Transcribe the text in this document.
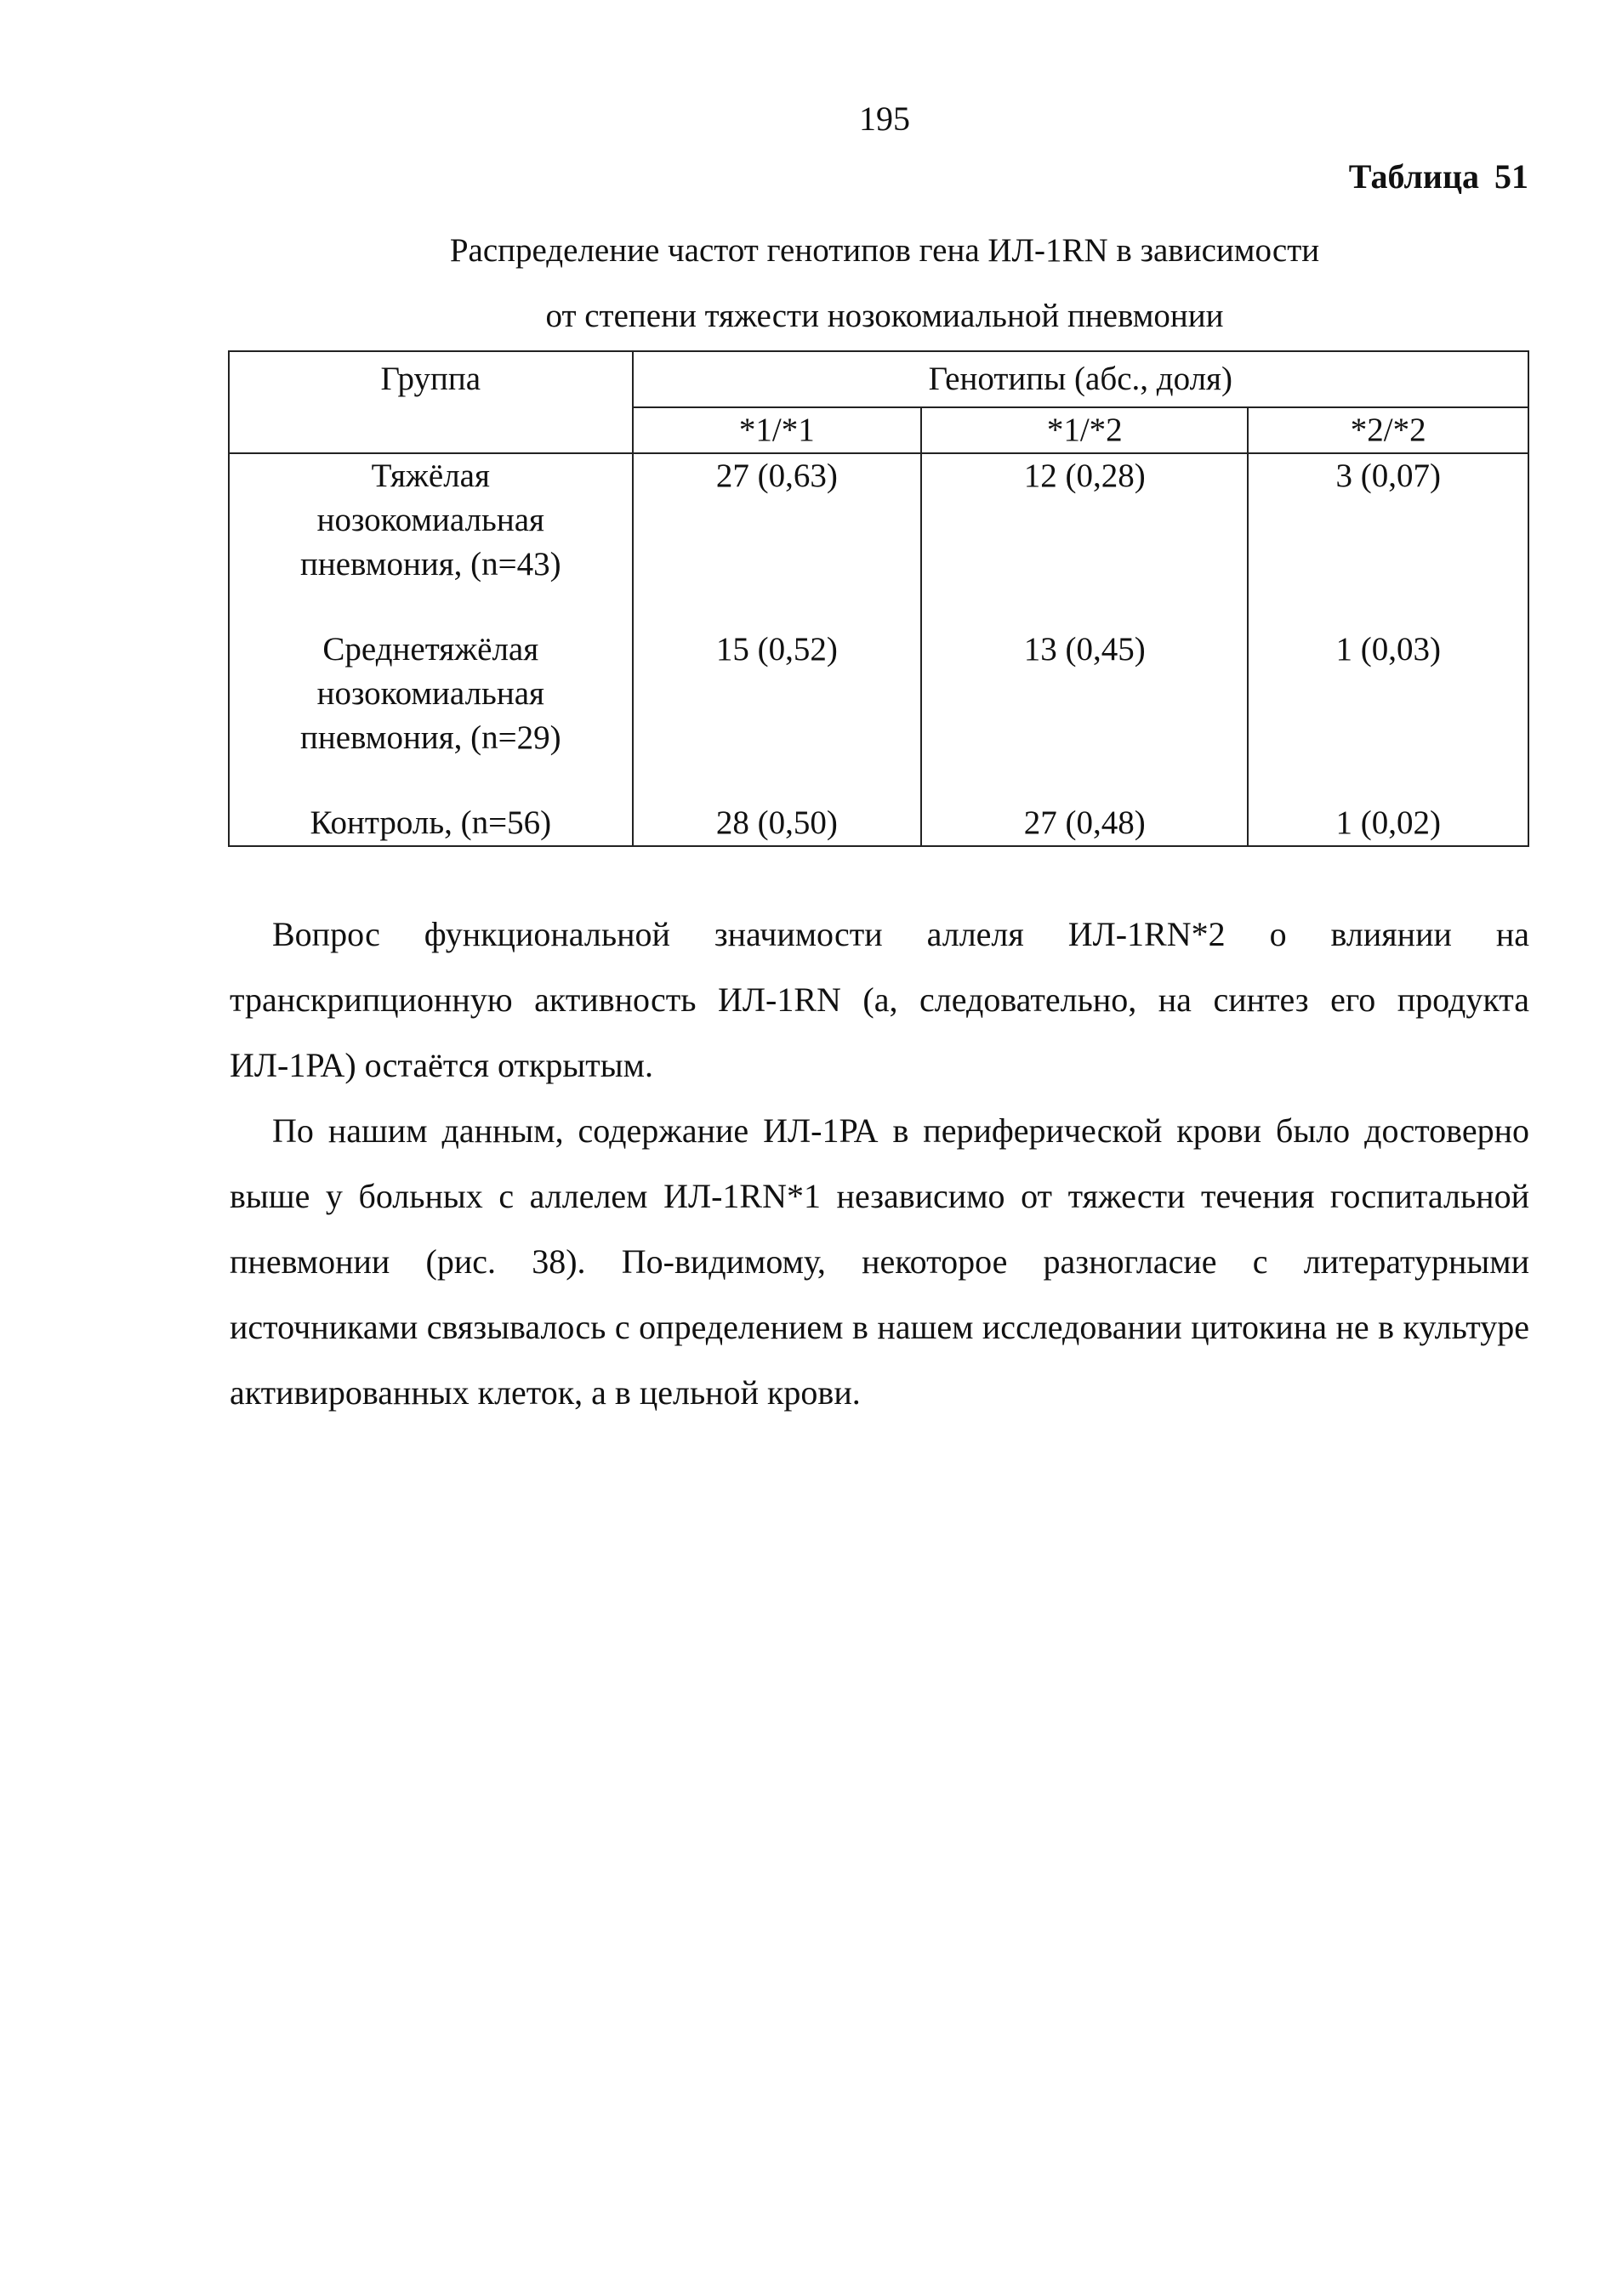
195
Таблица 51
Распределение частот генотипов гена ИЛ-1RN в зависимости
от степени тяжести нозокомиальной пневмонии
Группа	Генотипы (абс., доля)		
	*1/*1	*1/*2	*2/*2

Тяжёлая
нозокомиальная
пневмония, (n=43)	27 (0,63)	12 (0,28)	3 (0,07)

Среднетяжёлая
нозокомиальная
пневмония, (n=29)	15 (0,52)	13 (0,45)	1 (0,03)

Контроль, (n=56)	28 (0,50)	27 (0,48)	1 (0,02)

Вопрос функциональной значимости аллеля ИЛ-1RN*2 о влиянии на транскрипционную активность ИЛ-1RN (а, следовательно, на синтез его продукта ИЛ-1РА) остаётся открытым.

По нашим данным, содержание ИЛ-1РА в периферической крови было достоверно выше у больных с аллелем ИЛ-1RN*1 независимо от тяжести течения госпитальной пневмонии (рис. 38). По-видимому, некоторое разногласие с литературными источниками связывалось с определением в нашем исследовании цитокина не в культуре активированных клеток, а в цельной крови.
